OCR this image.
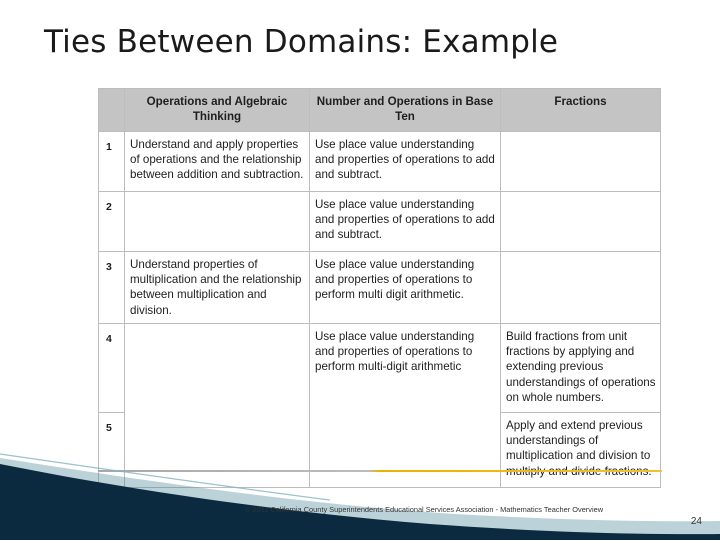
Ties Between Domains: Example
	Operations and Algebraic Thinking	Number and Operations in Base Ten	Fractions
1	Understand and apply properties of operations and the relationship between addition and subtraction.	Use place value understanding and properties of operations to add and subtract.	
2		Use place value understanding and properties of operations to add and subtract.	
3	Understand properties of multiplication and the relationship between multiplication and division.	Use place value understanding and properties of operations to perform multi digit arithmetic.	
4		Use place value understanding and properties of operations to perform multi-digit arithmetic	Build fractions from unit fractions by applying and extending previous understandings of operations on whole numbers.
5			Apply and extend previous understandings of multiplication and division to
© 2011 California County Superintendents Educational Services Association - Mathematics Teacher Overview
24
